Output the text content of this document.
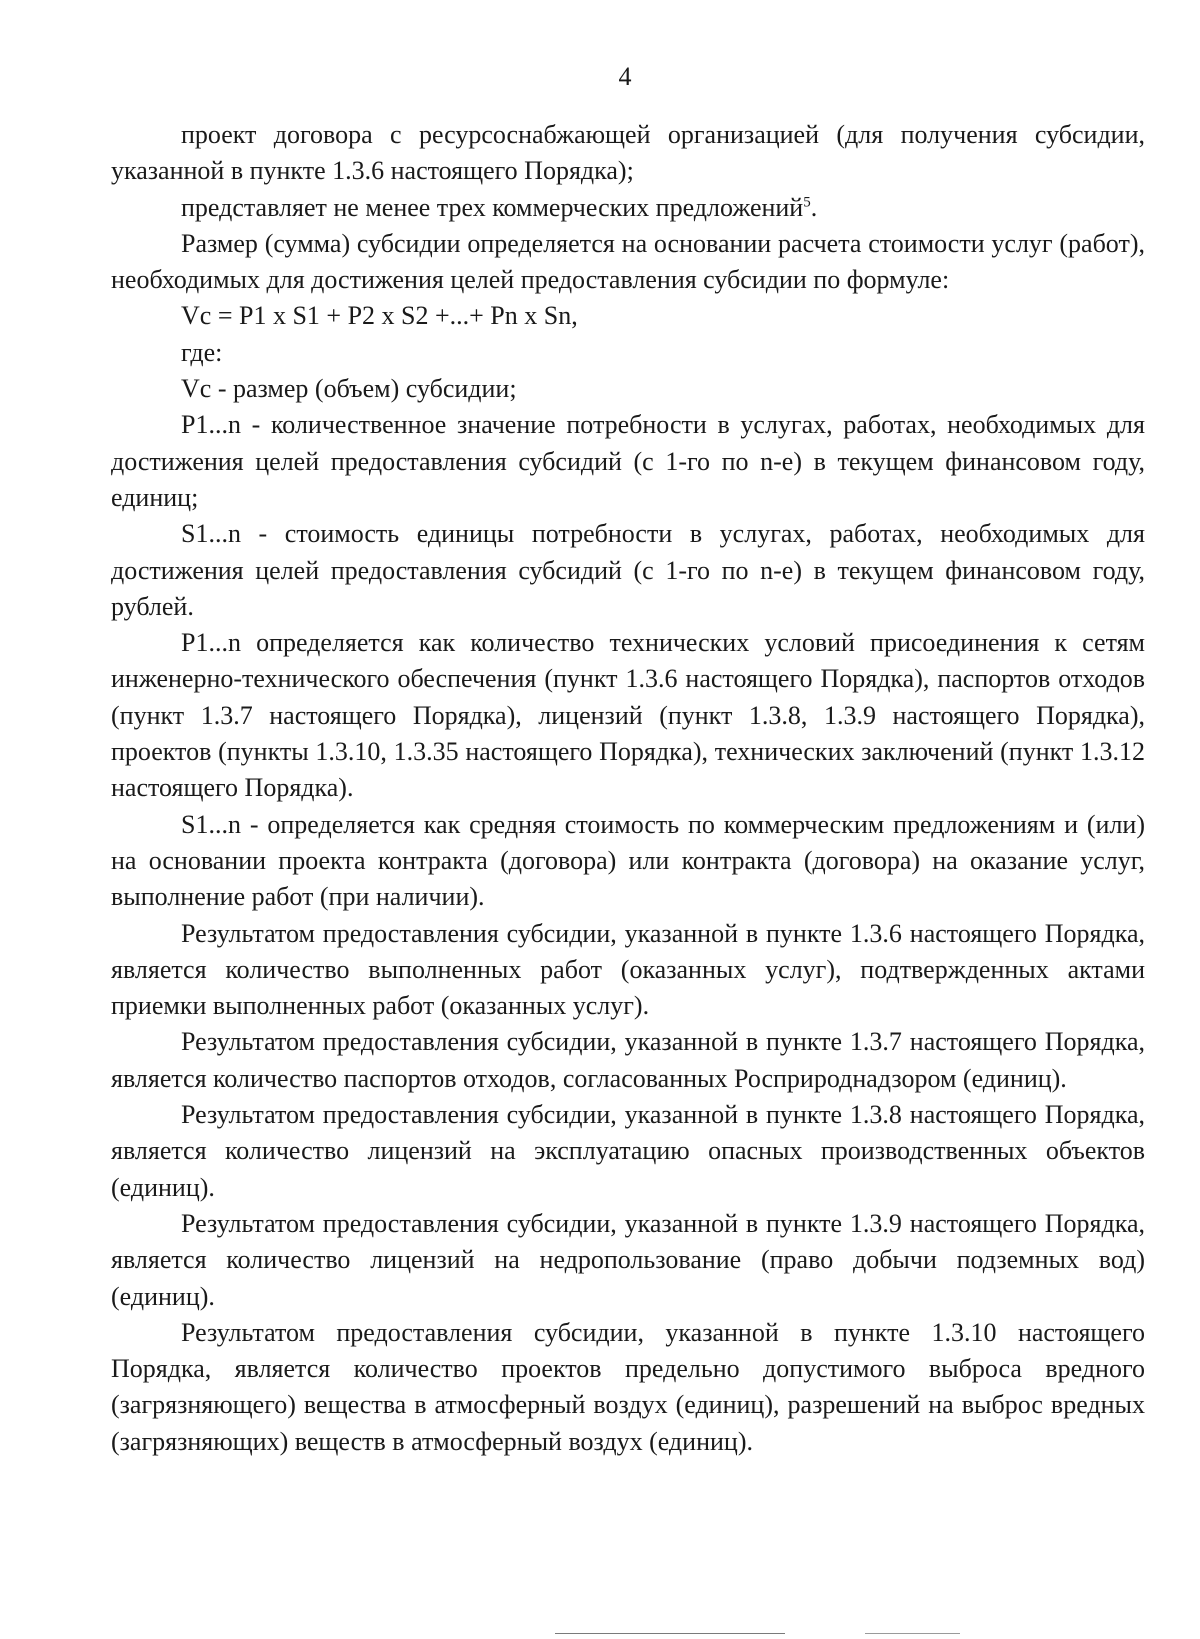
4

проект договора с ресурсоснабжающей организацией (для получения субсидии, указанной в пункте 1.3.6 настоящего Порядка);

представляет не менее трех коммерческих предложений$^5$.

Размер (сумма) субсидии определяется на основании расчета стоимости услуг (работ), необходимых для достижения целей предоставления субсидии по формуле:

Vc = P1 x S1 + P2 x S2 +...+ Pn x Sn,

где:

Vc - размер (объем) субсидии;

P1...n - количественное значение потребности в услугах, работах, необходимых для достижения целей предоставления субсидий (с 1-го по n-е) в текущем финансовом году, единиц;

S1...n - стоимость единицы потребности в услугах, работах, необходимых для достижения целей предоставления субсидий (с 1-го по n-е) в текущем финансовом году, рублей.

P1...n определяется как количество технических условий присоединения к сетям инженерно-технического обеспечения (пункт 1.3.6 настоящего Порядка), паспортов отходов (пункт 1.3.7 настоящего Порядка), лицензий (пункт 1.3.8, 1.3.9 настоящего Порядка), проектов (пункты 1.3.10, 1.3.35 настоящего Порядка), технических заключений (пункт 1.3.12 настоящего Порядка).

S1...n - определяется как средняя стоимость по коммерческим предложениям и (или) на основании проекта контракта (договора) или контракта (договора) на оказание услуг, выполнение работ (при наличии).

Результатом предоставления субсидии, указанной в пункте 1.3.6 настоящего Порядка, является количество выполненных работ (оказанных услуг), подтвержденных актами приемки выполненных работ (оказанных услуг).

Результатом предоставления субсидии, указанной в пункте 1.3.7 настоящего Порядка, является количество паспортов отходов, согласованных Росприроднадзором (единиц).

Результатом предоставления субсидии, указанной в пункте 1.3.8 настоящего Порядка, является количество лицензий на эксплуатацию опасных производственных объектов (единиц).

Результатом предоставления субсидии, указанной в пункте 1.3.9 настоящего Порядка, является количество лицензий на недропользование (право добычи подземных вод) (единиц).

Результатом предоставления субсидии, указанной в пункте 1.3.10 настоящего Порядка, является количество проектов предельно допустимого выброса вредного (загрязняющего) вещества в атмосферный воздух (единиц), разрешений на выброс вредных (загрязняющих) веществ в атмосферный воздух (единиц).
